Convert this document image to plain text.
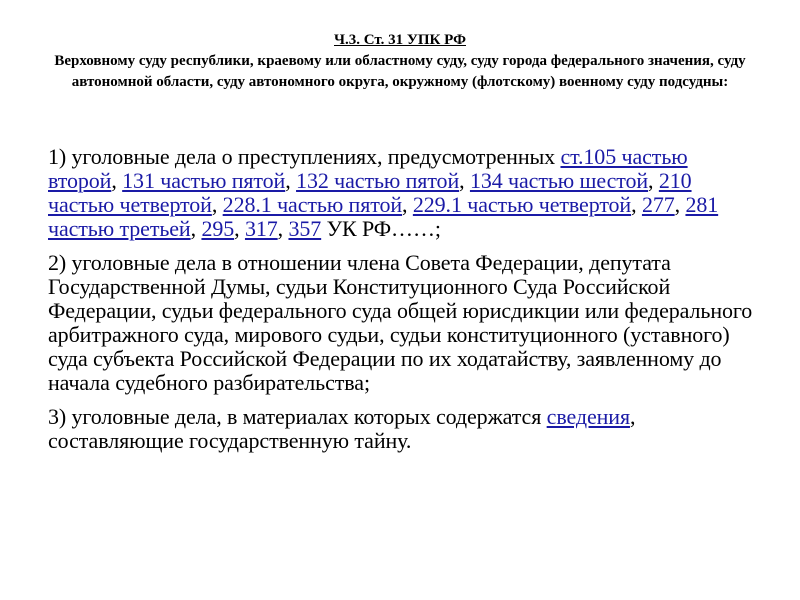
Ч.3. Ст. 31 УПК РФ
Верховному суду республики, краевому или областному суду, суду города федерального значения, суду автономной области, суду автономного округа, окружному (флотскому) военному суду подсудны:

1) уголовные дела о преступлениях, предусмотренных ст.105 частью второй, 131 частью пятой, 132 частью пятой, 134 частью шестой, 210 частью четвертой, 228.1 частью пятой, 229.1 частью четвертой, 277, 281 частью третьей, 295, 317, 357 УК РФ……;

2) уголовные дела в отношении члена Совета Федерации, депутата Государственной Думы, судьи Конституционного Суда Российской Федерации, судьи федерального суда общей юрисдикции или федерального арбитражного суда, мирового судьи, судьи конституционного (уставного) суда субъекта Российской Федерации по их ходатайству, заявленному до начала судебного разбирательства;

3) уголовные дела, в материалах которых содержатся сведения, составляющие государственную тайну.
